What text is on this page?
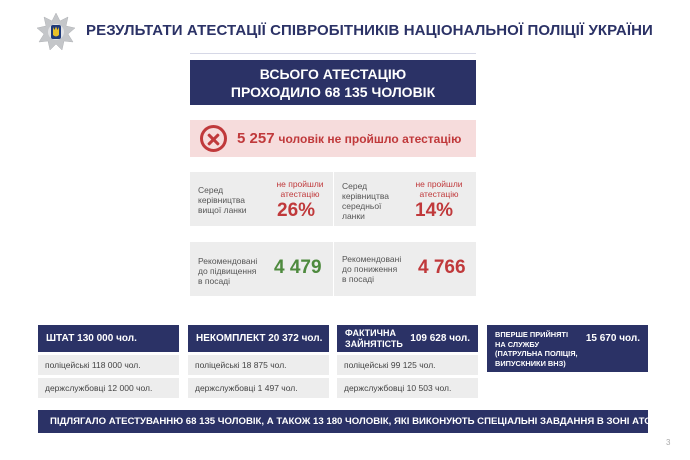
РЕЗУЛЬТАТИ АТЕСТАЦІЇ СПІВРОБІТНИКІВ НАЦІОНАЛЬНОЇ ПОЛІЦІЇ УКРАЇНИ
ВСЬОГО АТЕСТАЦІЮ
ПРОХОДИЛО 68 135 ЧОЛОВІК
5 257 чоловік не пройшло атестацію
Серед
керівництва
вищої ланки
не пройшли
атестацію
26%
Серед
керівництва
середньої
ланки
не пройшли
атестацію
14%
Рекомендовані
до підвищення
в посаді
4 479 Рекомендовані
до пониження
в посаді
4 766
ШТАТ 130 000 чол.
поліцейські 118 000 чол.
держслужбовці 12 000 чол.
НЕКОМПЛЕКТ 20 372 чол.
поліцейські 18 875 чол.
держслужбовці 1 497 чол.
ФАКТИЧНА
ЗАЙНЯТІСТЬ 109 628 чол.
поліцейські 99 125 чол.
держслужбовці 10 503 чол.
ВПЕРШЕ ПРИЙНЯТІ
НА СЛУЖБУ
(ПАТРУЛЬНА ПОЛІЦІЯ,
ВИПУСКНИКИ ВНЗ)
15 670 чол.
ПІДЛЯГАЛО АТЕСТУВАННЮ 68 135 ЧОЛОВІК, А ТАКОЖ 13 180 ЧОЛОВІК, ЯКІ ВИКОНУЮТЬ СПЕЦІАЛЬНІ ЗАВДАННЯ В ЗОНІ АТО
3
